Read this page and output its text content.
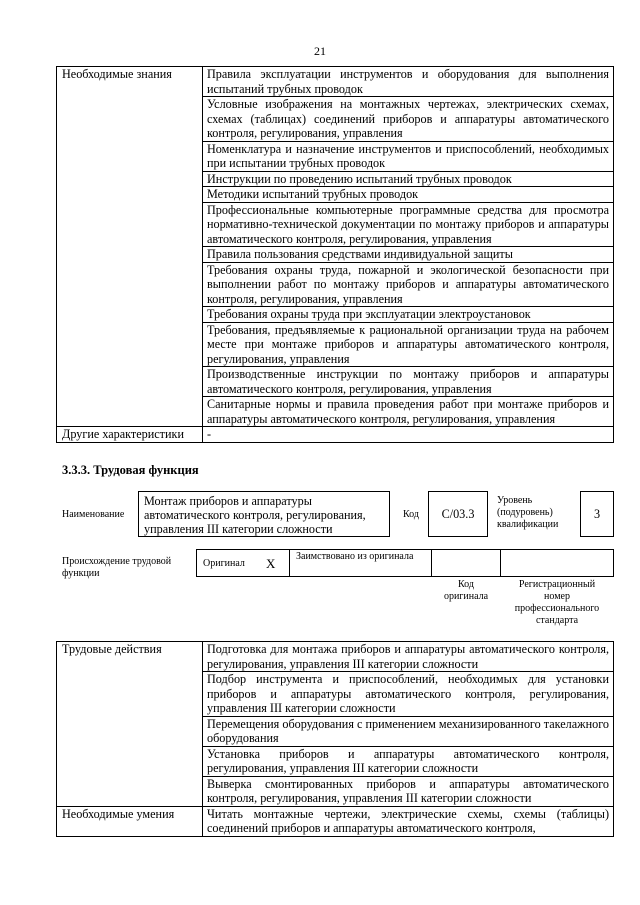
21
Необходимые знания	Правила эксплуатации инструментов и оборудования для выполнения испытаний трубных проводок
	Условные изображения на монтажных чертежах, электрических схемах, схемах (таблицах) соединений приборов и аппаратуры автоматического контроля, регулирования, управления
	Номенклатура и назначение инструментов и приспособлений, необходимых при испытании трубных проводок
	Инструкции по проведению испытаний трубных проводок
	Методики испытаний трубных проводок
	Профессиональные компьютерные программные средства для просмотра нормативно-технической документации по монтажу приборов и аппаратуры автоматического контроля, регулирования, управления
	Правила пользования средствами индивидуальной защиты
	Требования охраны труда, пожарной и экологической безопасности при выполнении работ по монтажу приборов и аппаратуры автоматического контроля, регулирования, управления
	Требования охраны труда при эксплуатации электроустановок
	Требования, предъявляемые к рациональной организации труда на рабочем месте при монтаже приборов и аппаратуры автоматического контроля, регулирования, управления
	Производственные инструкции по монтажу приборов и аппаратуры автоматического контроля, регулирования, управления
	Санитарные нормы и правила проведения работ при монтаже приборов и аппаратуры автоматического контроля, регулирования, управления
Другие характеристики	-
3.3.3. Трудовая функция
Наименование
Монтаж приборов и аппаратуры автоматического контроля, регулирования, управления III категории сложности
Код	С/03.3
Уровень (подуровень) квалификации
3
Происхождение трудовой функции
Оригинал X Заимствовано из оригинала
Код оригинала
Регистрационный номер профессионального стандарта
Трудовые действия	Подготовка для монтажа приборов и аппаратуры автоматического контроля, регулирования, управления III категории сложности
	Подбор инструмента и приспособлений, необходимых для установки приборов и аппаратуры автоматического контроля, регулирования, управления III категории сложности
	Перемещения оборудования с применением механизированного такелажного оборудования
	Установка приборов и аппаратуры автоматического контроля, регулирования, управления III категории сложности
	Выверка смонтированных приборов и аппаратуры автоматического контроля, регулирования, управления III категории сложности
Необходимые умения	Читать монтажные чертежи, электрические схемы, схемы (таблицы) соединений приборов и аппаратуры автоматического контроля,
